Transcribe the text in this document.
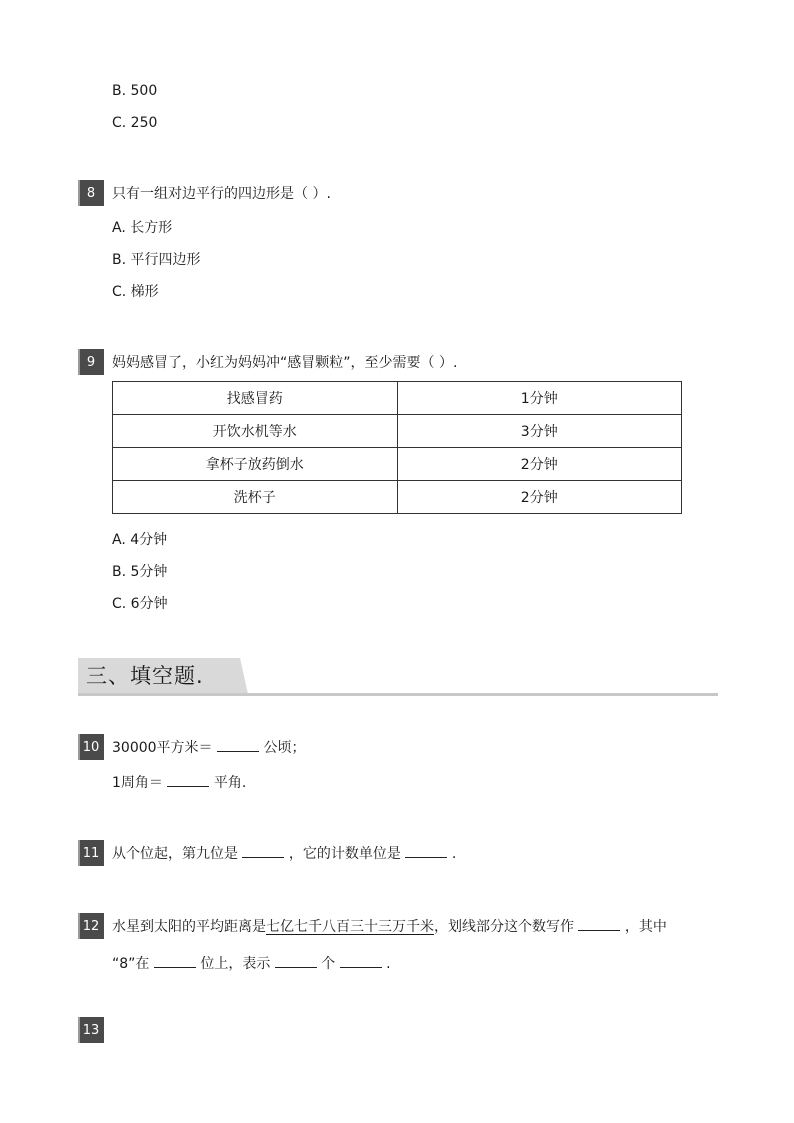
B. 500
C. 250
8	只有一组对边平行的四边形是（ ）.
A. 长方形
B. 平行四边形
C. 梯形
9	妈妈感冒了，小红为妈妈冲“感冒颗粒”，至少需要（ ）.
找感冒药	1分钟
开饮水机等水	3分钟
拿杯子放药倒水	2分钟
洗杯子	2分钟
A. 4分钟
B. 5分钟
C. 6分钟
三、填空题.
10 30000平方米＝	公顷；
1周角＝	平角.
11 从个位起，第九位是	，它的计数单位是	.
12 水星到太阳的平均距离是七亿七千八百三十三万千米，划线部分这个数写作	，其中
“8”在	位上，表示	个	.
13
